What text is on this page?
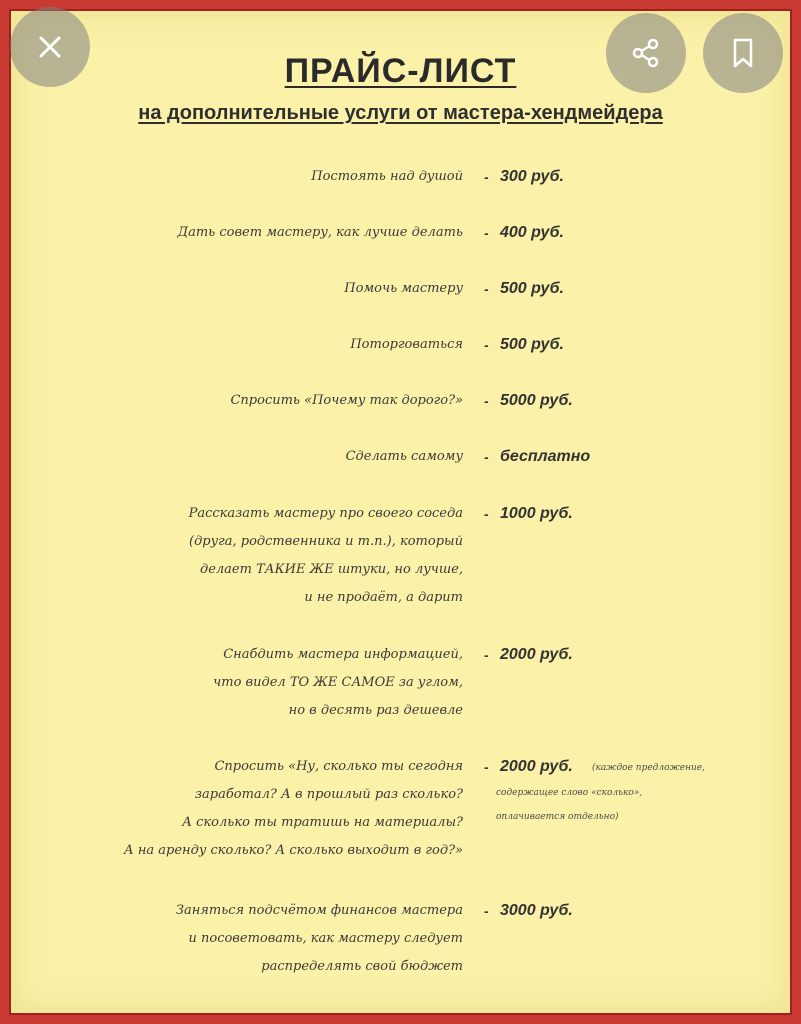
ПРАЙС-ЛИСТ
на дополнительные услуги от мастера-хендмейдера
Постоять над душой - 300 руб.
Дать совет мастеру, как лучше делать - 400 руб.
Помочь мастеру - 500 руб.
Поторговаться - 500 руб.
Спросить «Почему так дорого?» - 5000 руб.
Сделать самому - бесплатно
Рассказать мастеру про своего соседа
(друга, родственника и т.п.), который
делает ТАКИЕ ЖЕ штуки, но лучше,
и не продаёт, а дарит
- 1000 руб.
Снабдить мастера информацией,
что видел ТО ЖЕ САМОЕ за углом,
но в десять раз дешевле
- 2000 руб.
Спросить «Ну, сколько ты сегодня
заработал? А в прошлый раз сколько?
А сколько ты тратишь на материалы?
А на аренду сколько? А сколько выходит в год?»
- 2000 руб. (каждое предложение,
содержащее слово «сколько»,
оплачивается отдельно)
Заняться подсчётом финансов мастера
и посоветовать, как мастеру следует
распределять свой бюджет
- 3000 руб.
